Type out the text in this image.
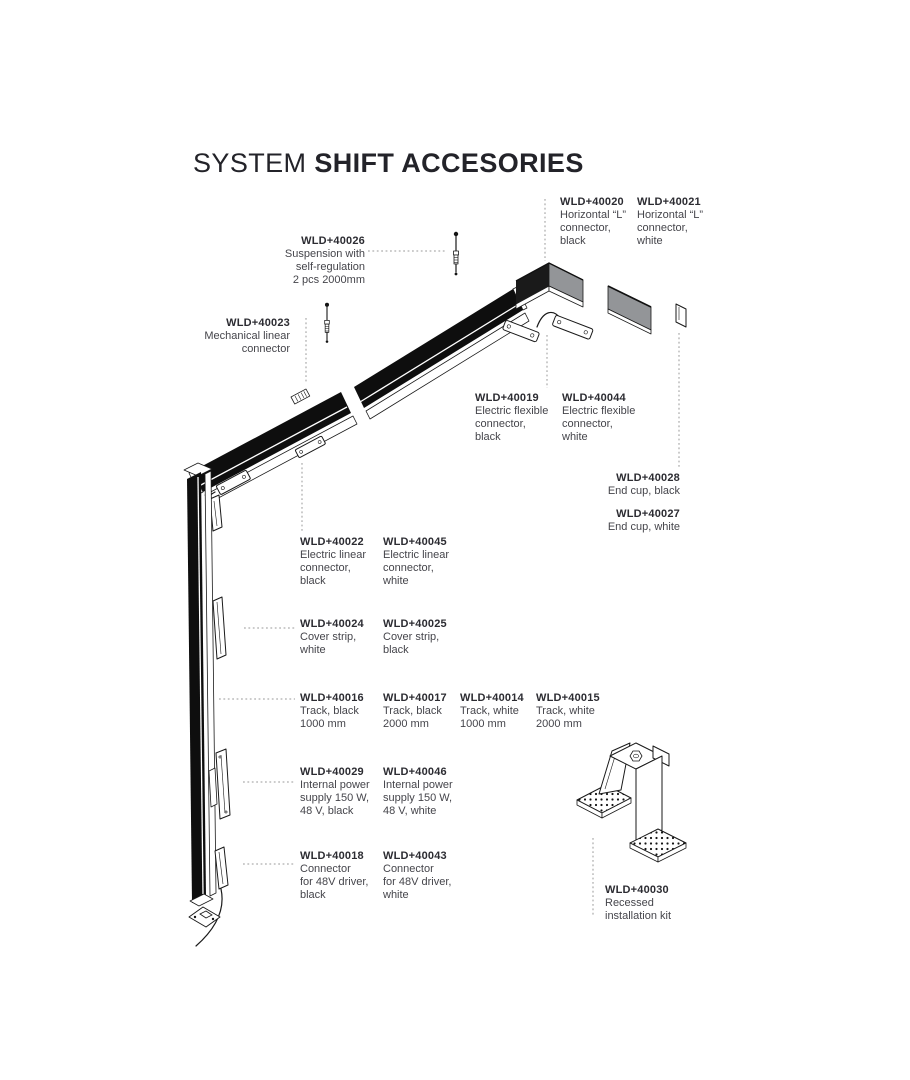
SYSTEM SHIFT ACCESORIES
WLD+40020
Horizontal “L”
connector,
black
WLD+40021
Horizontal “L”
connector,
white
WLD+40026
Suspension with
self-regulation
2 pcs 2000mm
WLD+40023
Mechanical linear
connector
WLD+40019
Electric flexible
connector,
black
WLD+40044
Electric flexible
connector,
white
WLD+40028
End cup, black
WLD+40027
End cup, white
WLD+40022
Electric linear
connector,
black
WLD+40045
Electric linear
connector,
white
WLD+40024
Cover strip,
white
WLD+40025
Cover strip,
black
WLD+40016
Track, black
1000 mm
WLD+40017
Track, black
2000 mm
WLD+40014
Track, white
1000 mm
WLD+40015
Track, white
2000 mm
WLD+40029
Internal power
supply 150 W,
48 V, black
WLD+40046
Internal power
supply 150 W,
48 V, white
WLD+40018
Connector
for 48V driver,
black
WLD+40043
Connector
for 48V driver,
white	WLD+40030
Recessed
installation kit
